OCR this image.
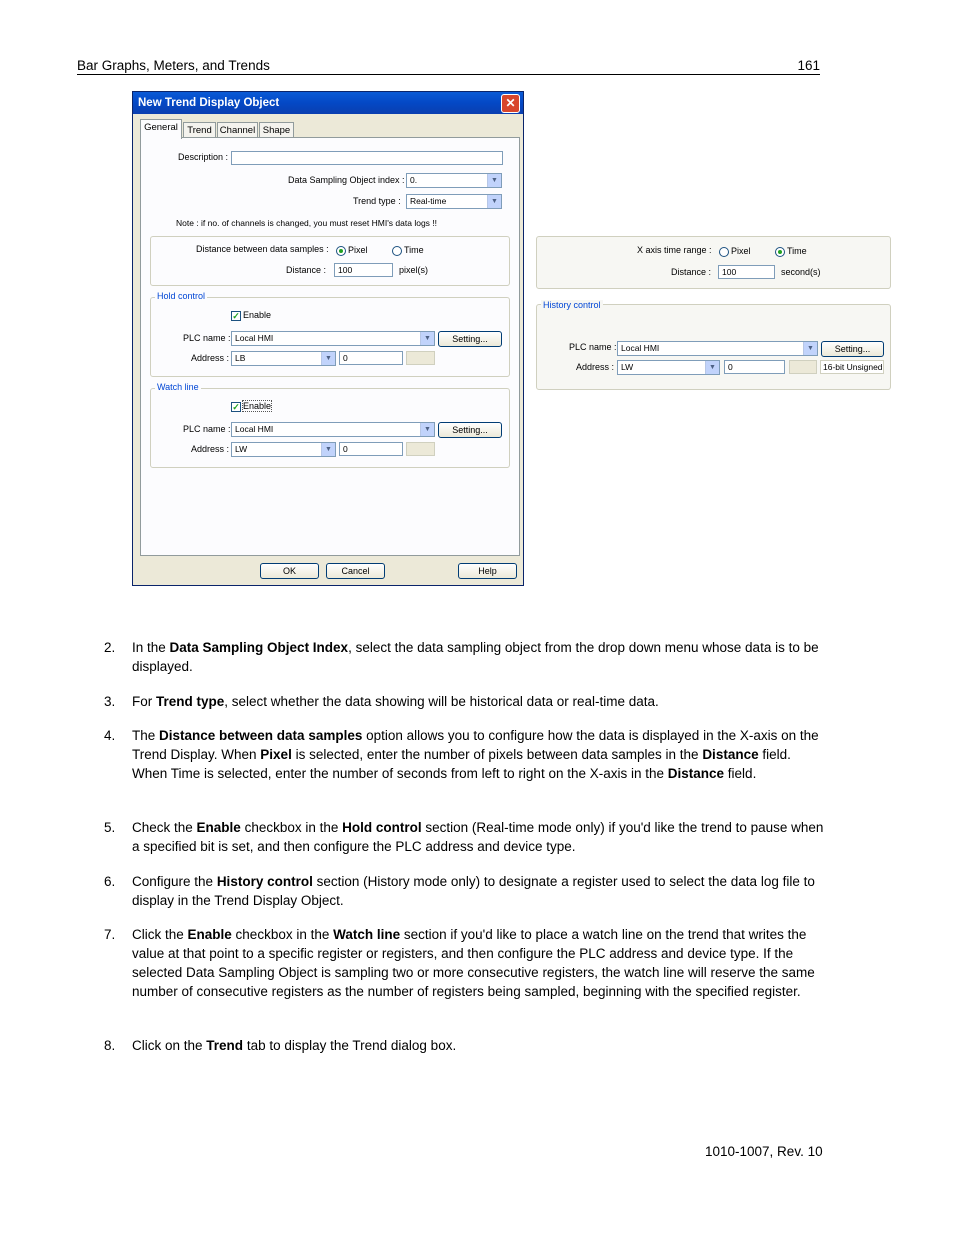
Bar Graphs, Meters, and Trends	161
New Trend Display Object	✕
General Trend Channel Shape
Description :
Data Sampling Object index : 0.	▼
Trend type :	Real-time	▼
Note : if no. of channels is changed, you must reset HMI's data logs !!
Distance between data samples : Pixel	Time
Distance :	100	pixel(s)
Hold control
✓ Enable
PLC name : Local HMI	▼	Setting...
Address : LB	▼	0
Watch line
✓ Enable
PLC name : Local HMI	▼	Setting...
Address : LW	▼	0
OK	Cancel	Help
X axis time range : Pixel	Time
Distance :	100	second(s)
History control
PLC name : Local HMI	▼	Setting...
Address : LW	▼	0	16-bit Unsigned
2. In the Data Sampling Object Index, select the data sampling object from the drop down menu whose data is to be displayed.
3. For Trend type, select whether the data showing will be historical data or real-time data.
4. The Distance between data samples option allows you to configure how the data is displayed in the X-axis on the Trend Display. When Pixel is selected, enter the number of pixels between data samples in the Distance field. When Time is selected, enter the number of seconds from left to right on the X-axis in the Distance field.
5. Check the Enable checkbox in the Hold control section (Real-time mode only) if you'd like the trend to pause when a specified bit is set, and then configure the PLC address and device type.
6. Configure the History control section (History mode only) to designate a register used to select the data log file to display in the Trend Display Object.
7. Click the Enable checkbox in the Watch line section if you'd like to place a watch line on the trend that writes the value at that point to a specific register or registers, and then configure the PLC address and device type. If the selected Data Sampling Object is sampling two or more consecutive registers, the watch line will reserve the same number of consecutive registers as the number of registers being sampled, beginning with the specified register.
8. Click on the Trend tab to display the Trend dialog box.
1010-1007, Rev. 10
